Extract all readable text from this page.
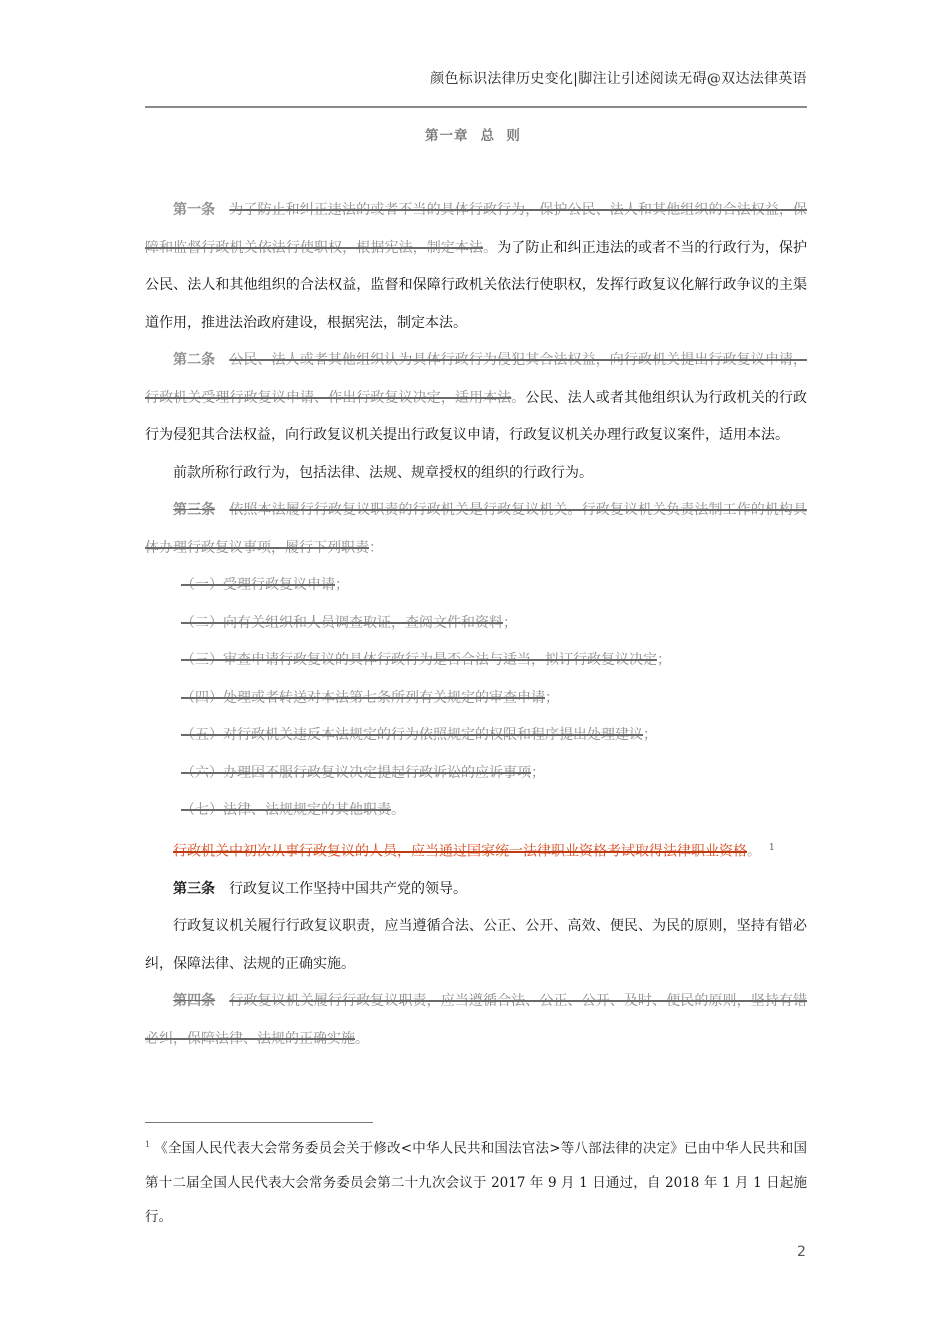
颜色标识法律历史变化|脚注让引述阅读无碍@双达法律英语
第一章 总  则

第一条 为了防止和纠正违法的或者不当的具体行政行为，保护公民、法人和其他组织的合法权益，保障和监督行政机关依法行使职权，根据宪法，制定本法。为了防止和纠正违法的或者不当的行政行为，保护公民、法人和其他组织的合法权益，监督和保障行政机关依法行使职权，发挥行政复议化解行政争议的主渠道作用，推进法治政府建设，根据宪法，制定本法。

第二条 公民、法人或者其他组织认为具体行政行为侵犯其合法权益，向行政机关提出行政复议申请，行政机关受理行政复议申请、作出行政复议决定，适用本法。公民、法人或者其他组织认为行政机关的行政行为侵犯其合法权益，向行政复议机关提出行政复议申请，行政复议机关办理行政复议案件，适用本法。

前款所称行政行为，包括法律、法规、规章授权的组织的行政行为。

第三条 依照本法履行行政复议职责的行政机关是行政复议机关。行政复议机关负责法制工作的机构具体办理行政复议事项，履行下列职责：

（一）受理行政复议申请；

（二）向有关组织和人员调查取证，查阅文件和资料；

（三）审查申请行政复议的具体行政行为是否合法与适当，拟订行政复议决定；

（四）处理或者转送对本法第七条所列有关规定的审查申请；

（五）对行政机关违反本法规定的行为依照规定的权限和程序提出处理建议；

（六）办理因不服行政复议决定提起行政诉讼的应诉事项；

（七）法律、法规规定的其他职责。

行政机关中初次从事行政复议的人员，应当通过国家统一法律职业资格考试取得法律职业资格。 $^1$

第三条 行政复议工作坚持中国共产党的领导。

行政复议机关履行行政复议职责，应当遵循合法、公正、公开、高效、便民、为民的原则，坚持有错必纠，保障法律、法规的正确实施。

第四条 行政复议机关履行行政复议职责，应当遵循合法、公正、公开、及时、便民的原则，坚持有错必纠，保障法律、法规的正确实施。

$^1$ 《全国人民代表大会常务委员会关于修改<中华人民共和国法官法>等八部法律的决定》已由中华人民共和国第十二届全国人民代表大会常务委员会第二十九次会议于 2017 年 9 月 1 日通过，自 2018 年 1 月 1 日起施行。
2
